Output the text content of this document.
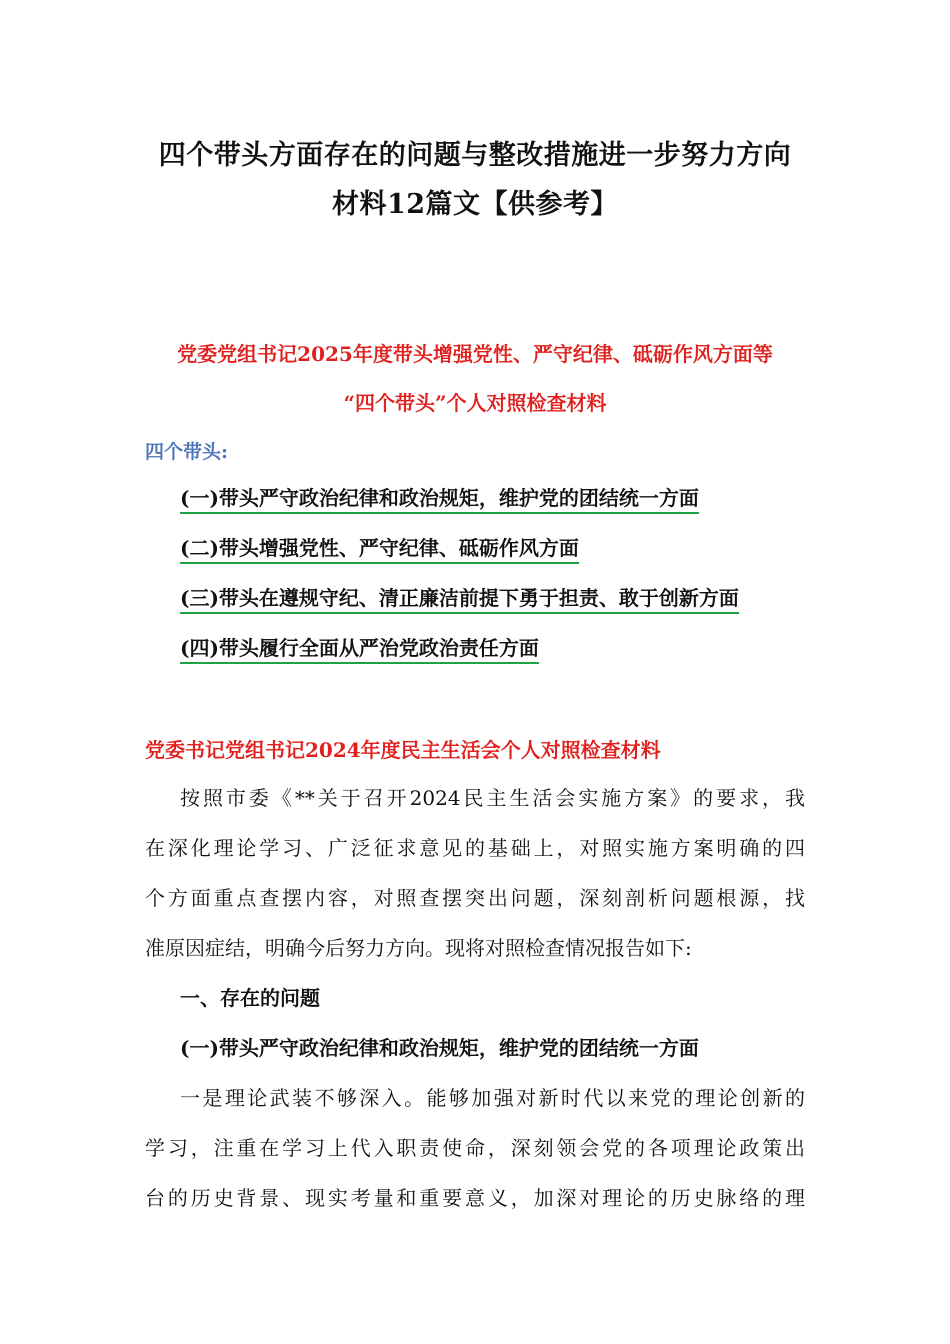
四个带头方面存在的问题与整改措施进一步努力方向
材料12篇文【供参考】
党委党组书记2025年度带头增强党性、严守纪律、砥砺作风方面等
“四个带头”个人对照检查材料
四个带头:
(一)带头严守政治纪律和政治规矩，维护党的团结统一方面
(二)带头增强党性、严守纪律、砥砺作风方面
(三)带头在遵规守纪、清正廉洁前提下勇于担责、敢于创新方面
(四)带头履行全面从严治党政治责任方面
党委书记党组书记2024年度民主生活会个人对照检查材料
按照市委《**关于召开2024民主生活会实施方案》的要求，我
在深化理论学习、广泛征求意见的基础上，对照实施方案明确的四
个方面重点查摆内容，对照查摆突出问题，深刻剖析问题根源，找
准原因症结，明确今后努力方向。现将对照检查情况报告如下:
一、存在的问题
(一)带头严守政治纪律和政治规矩，维护党的团结统一方面
一是理论武装不够深入。能够加强对新时代以来党的理论创新的
学习，注重在学习上代入职责使命，深刻领会党的各项理论政策出
台的历史背景、现实考量和重要意义，加深对理论的历史脉络的理
